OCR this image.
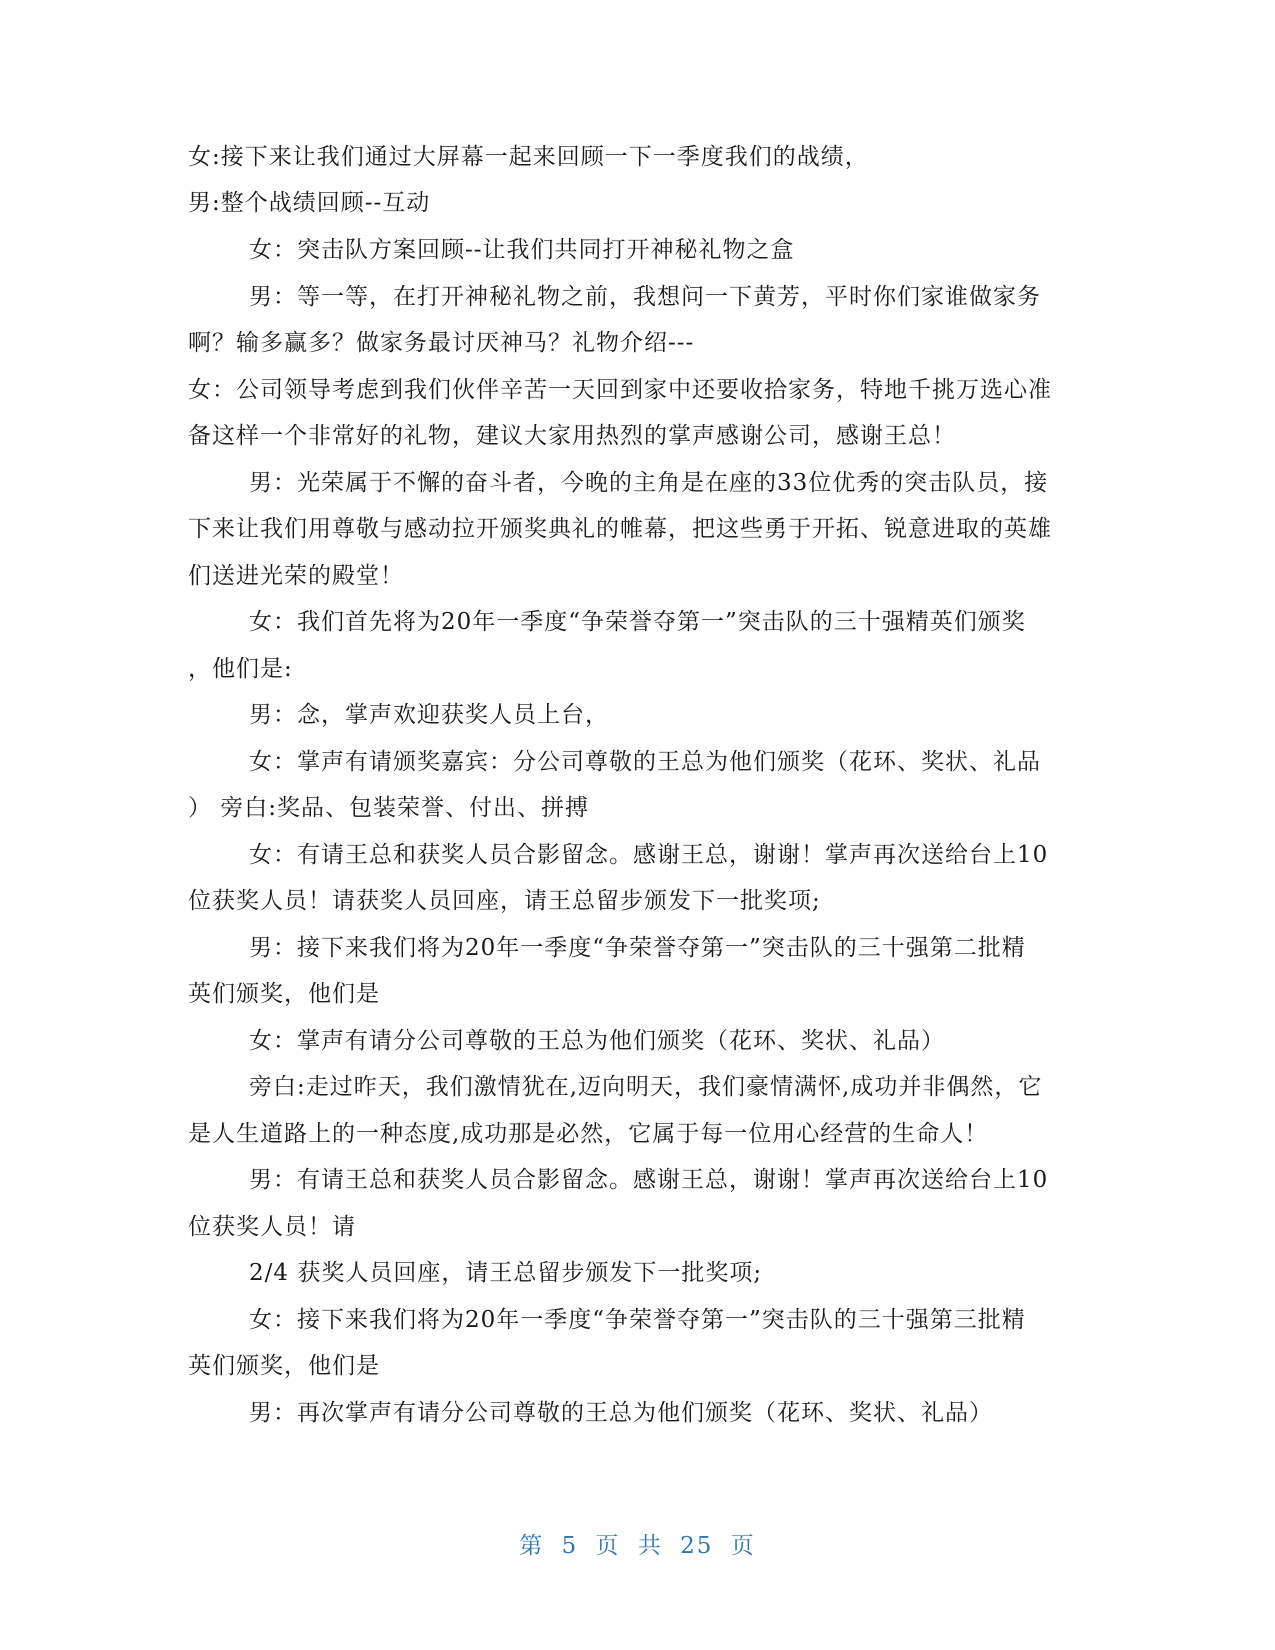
女:接下来让我们通过大屏幕一起来回顾一下一季度我们的战绩，
男:整个战绩回顾--互动
女：突击队方案回顾--让我们共同打开神秘礼物之盒
男：等一等，在打开神秘礼物之前，我想问一下黄芳，平时你们家谁做家务
啊？输多赢多？做家务最讨厌神马？礼物介绍---
女：公司领导考虑到我们伙伴辛苦一天回到家中还要收拾家务，特地千挑万选心准
备这样一个非常好的礼物，建议大家用热烈的掌声感谢公司，感谢王总！
男：光荣属于不懈的奋斗者，今晚的主角是在座的33位优秀的突击队员，接
下来让我们用尊敬与感动拉开颁奖典礼的帷幕，把这些勇于开拓、锐意进取的英雄
们送进光荣的殿堂！
女：我们首先将为20年一季度“争荣誉夺第一”突击队的三十强精英们颁奖
，他们是:
男：念，掌声欢迎获奖人员上台，
女：掌声有请颁奖嘉宾：分公司尊敬的王总为他们颁奖（花环、奖状、礼品
） 旁白:奖品、包装荣誉、付出、拼搏
女：有请王总和获奖人员合影留念。感谢王总，谢谢！掌声再次送给台上10
位获奖人员！请获奖人员回座，请王总留步颁发下一批奖项;
男：接下来我们将为20年一季度“争荣誉夺第一”突击队的三十强第二批精
英们颁奖，他们是
女：掌声有请分公司尊敬的王总为他们颁奖（花环、奖状、礼品）
旁白:走过昨天，我们激情犹在,迈向明天，我们豪情满怀,成功并非偶然，它
是人生道路上的一种态度,成功那是必然，它属于每一位用心经营的生命人！
男：有请王总和获奖人员合影留念。感谢王总，谢谢！掌声再次送给台上10
位获奖人员！请
2/4 获奖人员回座，请王总留步颁发下一批奖项;
女：接下来我们将为20年一季度“争荣誉夺第一”突击队的三十强第三批精
英们颁奖，他们是
男：再次掌声有请分公司尊敬的王总为他们颁奖（花环、奖状、礼品）
第 5 页 共 25 页
